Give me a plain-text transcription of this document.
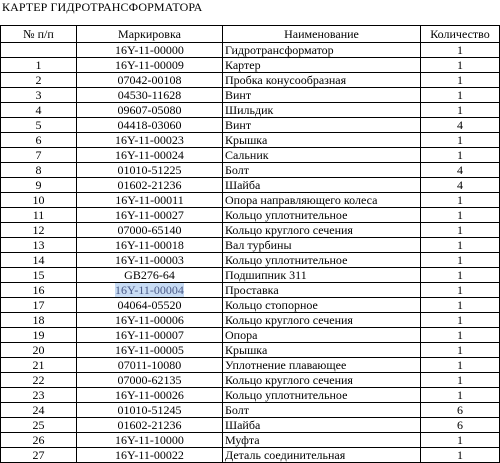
КАРТЕР ГИДРОТРАНСФОРМАТОРА
№ п/п	Маркировка	Наименование	Количество
	16Y-11-00000	Гидротрансформатор	1
1	16Y-11-00009	Картер	1
2	07042-00108	Пробка конусообразная	1
3	04530-11628	Винт	1
4	09607-05080	Шильдик	1
5	04418-03060	Винт	4
6	16Y-11-00023	Крышка	1
7	16Y-11-00024	Сальник	1
8	01010-51225	Болт	4
9	01602-21236	Шайба	4
10	16Y-11-00011	Опора направляющего колеса	1
11	16Y-11-00027	Кольцо уплотнительное	1
12	07000-65140	Кольцо круглого сечения	1
13	16Y-11-00018	Вал турбины	1
14	16Y-11-00003	Кольцо уплотнительное	1
15	GB276-64	Подшипник 311	1
16	16Y-11-00004	Проставка	1
17	04064-05520	Кольцо стопорное	1
18	16Y-11-00006	Кольцо круглого сечения	1
19	16Y-11-00007	Опора	1
20	16Y-11-00005	Крышка	1
21	07011-10080	Уплотнение плавающее	1
22	07000-62135	Кольцо круглого сечения	1
23	16Y-11-00026	Кольцо уплотнительное	1
24	01010-51245	Болт	6
25	01602-21236	Шайба	6
26	16Y-11-10000	Муфта	1
27	16Y-11-00022	Деталь соединительная	1
